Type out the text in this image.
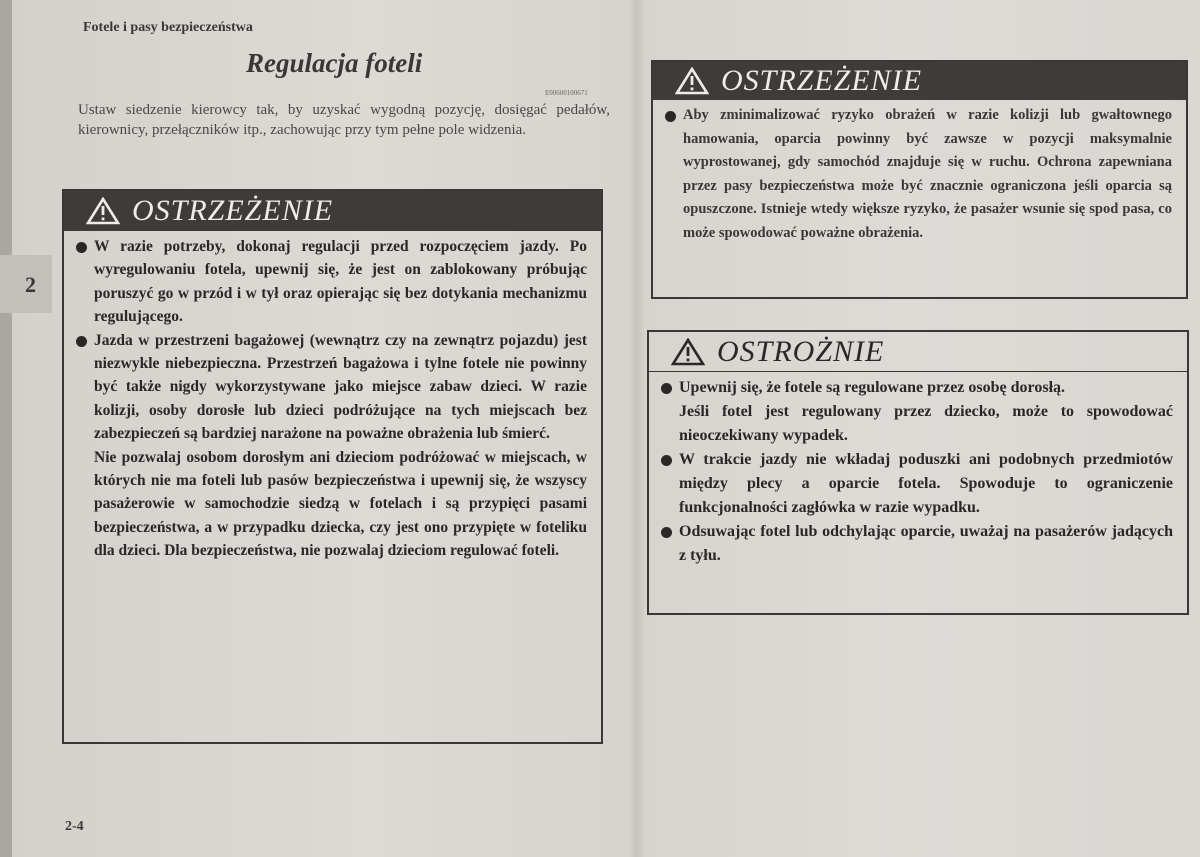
Fotele i pasy bezpieczeństwa
Regulacja foteli
E00600100671

Ustaw siedzenie kierowcy tak, by uzyskać wygodną pozycję, dosięgać pedałów, kierownicy, przełączników itp., zachowując przy tym pełne pole widzenia.

2
OSTRZEŻENIE

W razie potrzeby, dokonaj regulacji przed rozpoczęciem jazdy. Po wyregulowaniu fotela, upewnij się, że jest on zablokowany próbując poruszyć go w przód i w tył oraz opierając się bez dotykania mechanizmu regulującego.

Jazda w przestrzeni bagażowej (wewnątrz czy na zewnątrz pojazdu) jest niezwykle niebezpieczna. Przestrzeń bagażowa i tylne fotele nie powinny być także nigdy wykorzystywane jako miejsce zabaw dzieci. W razie kolizji, osoby dorosłe lub dzieci podróżujące na tych miejscach bez zabezpieczeń są bardziej narażone na poważne obrażenia lub śmierć.

Nie pozwalaj osobom dorosłym ani dzieciom podróżować w miejscach, w których nie ma foteli lub pasów bezpieczeństwa i upewnij się, że wszyscy pasażerowie w samochodzie siedzą w fotelach i są przypięci pasami bezpieczeństwa, a w przypadku dziecka, czy jest ono przypięte w foteliku dla dzieci. Dla bezpieczeństwa, nie pozwalaj dzieciom regulować foteli.

OSTRZEŻENIE

Aby zminimalizować ryzyko obrażeń w razie kolizji lub gwałtownego hamowania, oparcia powinny być zawsze w pozycji maksymalnie wyprostowanej, gdy samochód znajduje się w ruchu. Ochrona zapewniana przez pasy bezpieczeństwa może być znacznie ograniczona jeśli oparcia są opuszczone. Istnieje wtedy większe ryzyko, że pasażer wsunie się spod pasa, co może spowodować poważne obrażenia.

OSTROŻNIE

Upewnij się, że fotele są regulowane przez osobę dorosłą.

Jeśli fotel jest regulowany przez dziecko, może to spowodować nieoczekiwany wypadek.

W trakcie jazdy nie wkładaj poduszki ani podobnych przedmiotów między plecy a oparcie fotela. Spowoduje to ograniczenie funkcjonalności zagłówka w razie wypadku.

Odsuwając fotel lub odchylając oparcie, uważaj na pasażerów jadących z tyłu.

2-4
